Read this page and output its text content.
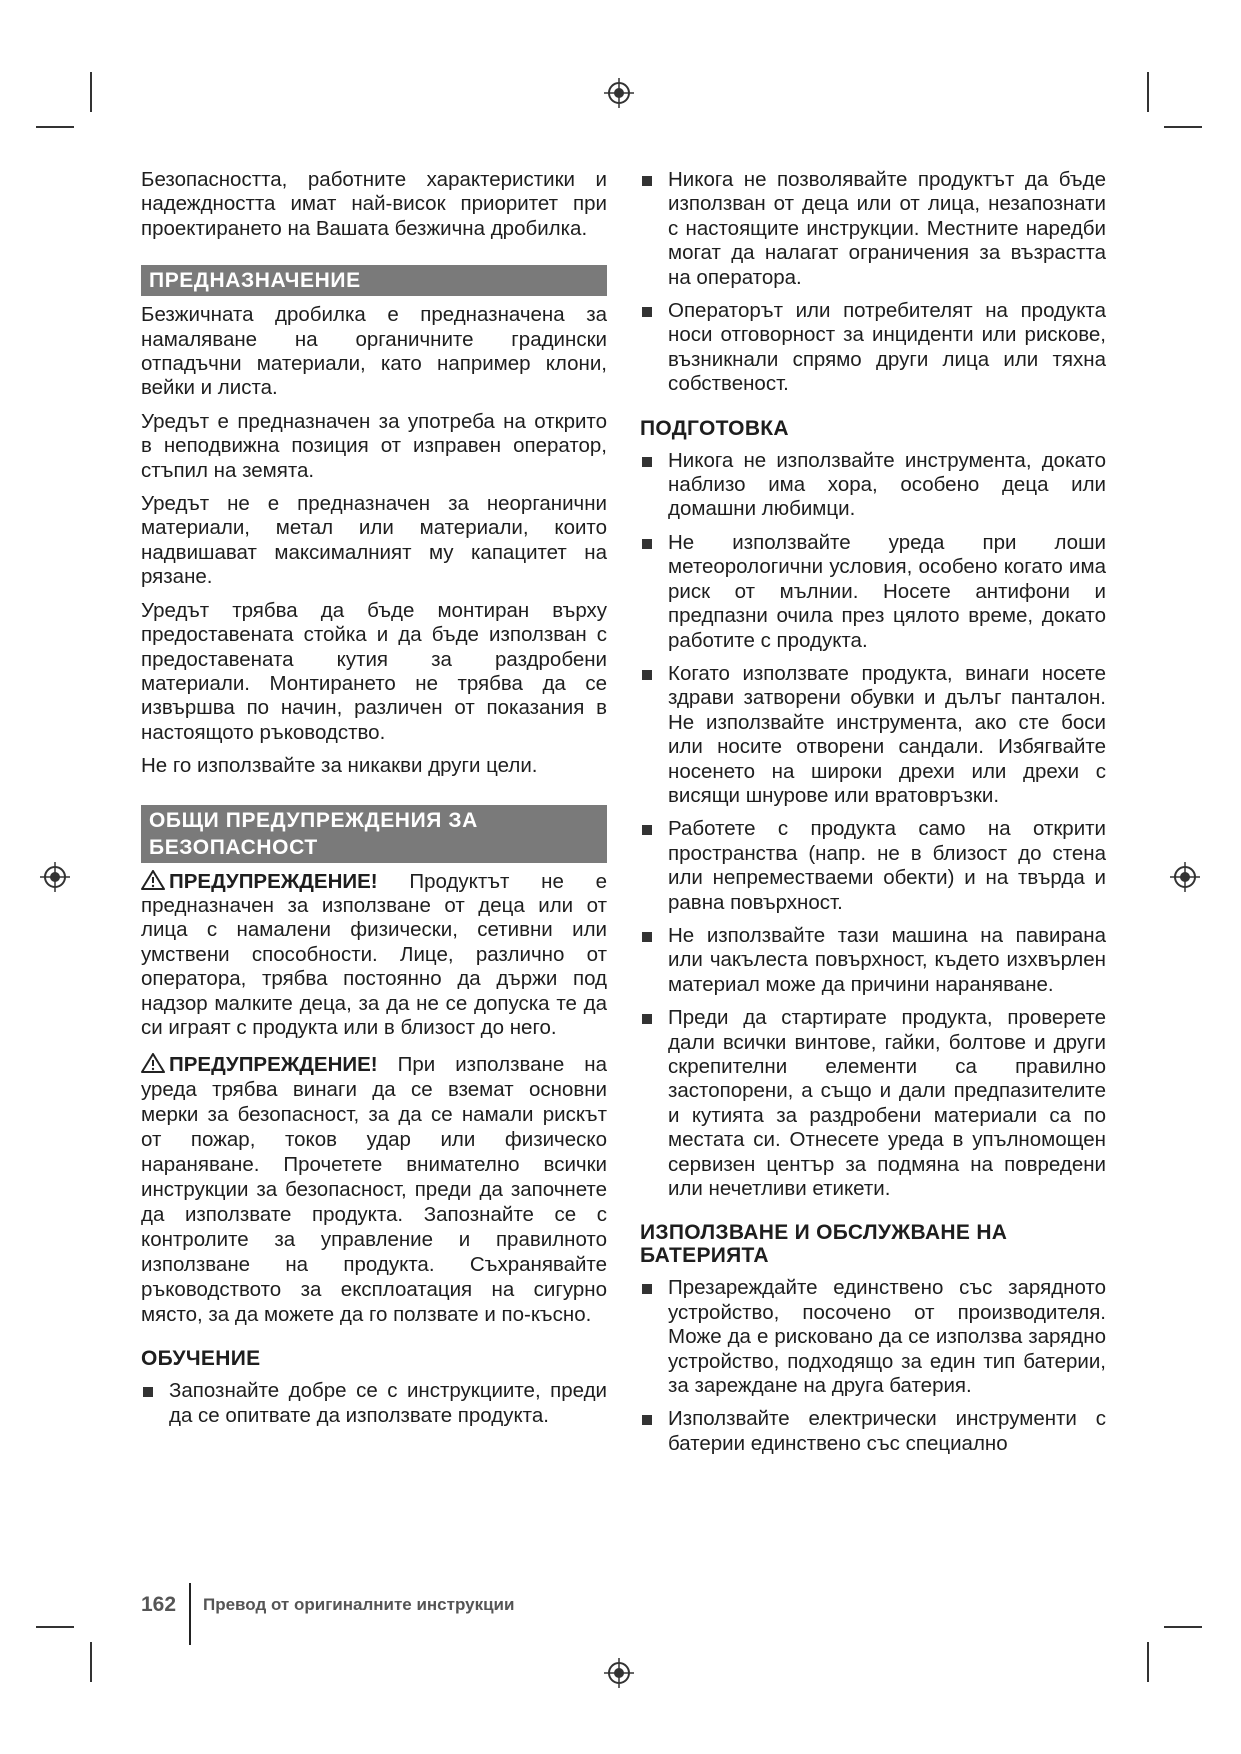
Безопасността, работните характеристики и надеждността имат най-висок приоритет при проектирането на Вашата безжична дробилка.

ПРЕДНАЗНАЧЕНИЕ

Безжичната дробилка е предназначена за намаляване на органичните градински отпадъчни материали, като например клони, вейки и листа.

Уредът е предназначен за употреба на открито в неподвижна позиция от изправен оператор, стъпил на земята.

Уредът не е предназначен за неорганични материали, метал или материали, които надвишават максималният му капацитет на рязане.

Уредът трябва да бъде монтиран върху предоставената стойка и да бъде използван с предоставената кутия за раздробени материали. Монтирането не трябва да се извършва по начин, различен от показания в настоящото ръководство.

Не го използвайте за никакви други цели.

ОБЩИ ПРЕДУПРЕЖДЕНИЯ ЗА БЕЗОПАСНОСТ

ПРЕДУПРЕЖДЕНИЕ! Продуктът не е предназначен за използване от деца или от лица с намалени физически, сетивни или умствени способности. Лице, различно от оператора, трябва постоянно да държи под надзор малките деца, за да не се допуска те да си играят с продукта или в близост до него.

ПРЕДУПРЕЖДЕНИЕ! При използване на уреда трябва винаги да се вземат основни мерки за безопасност, за да се намали рискът от пожар, токов удар или физическо нараняване. Прочетете внимателно всички инструкции за безопасност, преди да започнете да използвате продукта. Запознайте се с контролите за управление и правилното използване на продукта. Съхранявайте ръководството за експлоатация на сигурно място, за да можете да го ползвате и по-късно.

ОБУЧЕНИЕ

Запознайте добре се с инструкциите, преди да се опитвате да използвате продукта.

Никога не позволявайте продуктът да бъде използван от деца или от лица, незапознати с настоящите инструкции. Местните наредби могат да налагат ограничения за възрастта на оператора.

Операторът или потребителят на продукта носи отговорност за инциденти или рискове, възникнали спрямо други лица или тяхна собственост.

ПОДГОТОВКА

Никога не използвайте инструмента, докато наблизо има хора, особено деца или домашни любимци.

Не използвайте уреда при лоши метеорологични условия, особено когато има риск от мълнии. Носете антифони и предпазни очила през цялото време, докато работите с продукта.

Когато използвате продукта, винаги носете здрави затворени обувки и дълъг панталон. Не използвайте инструмента, ако сте боси или носите отворени сандали. Избягвайте носенето на широки дрехи или дрехи с висящи шнурове или вратовръзки.

Работете с продукта само на открити пространства (напр. не в близост до стена или непреместваеми обекти) и на твърда и равна повърхност.

Не използвайте тази машина на павирана или чакълеста повърхност, където изхвърлен материал може да причини нараняване.

Преди да стартирате продукта, проверете дали всички винтове, гайки, болтове и други скрепителни елементи са правилно застопорени, а също и дали предпазителите и кутията за раздробени материали са по местата си. Отнесете уреда в упълномощен сервизен център за подмяна на повредени или нечетливи етикети.

ИЗПОЛЗВАНЕ И ОБСЛУЖВАНЕ НА БАТЕРИЯТА

Презареждайте единствено със зарядното устройство, посочено от производителя. Може да е рисковано да се използва зарядно устройство, подходящо за един тип батерии, за зареждане на друга батерия.

Използвайте електрически инструменти с батерии единствено със специално

162 Превод от оригиналните инструкции
